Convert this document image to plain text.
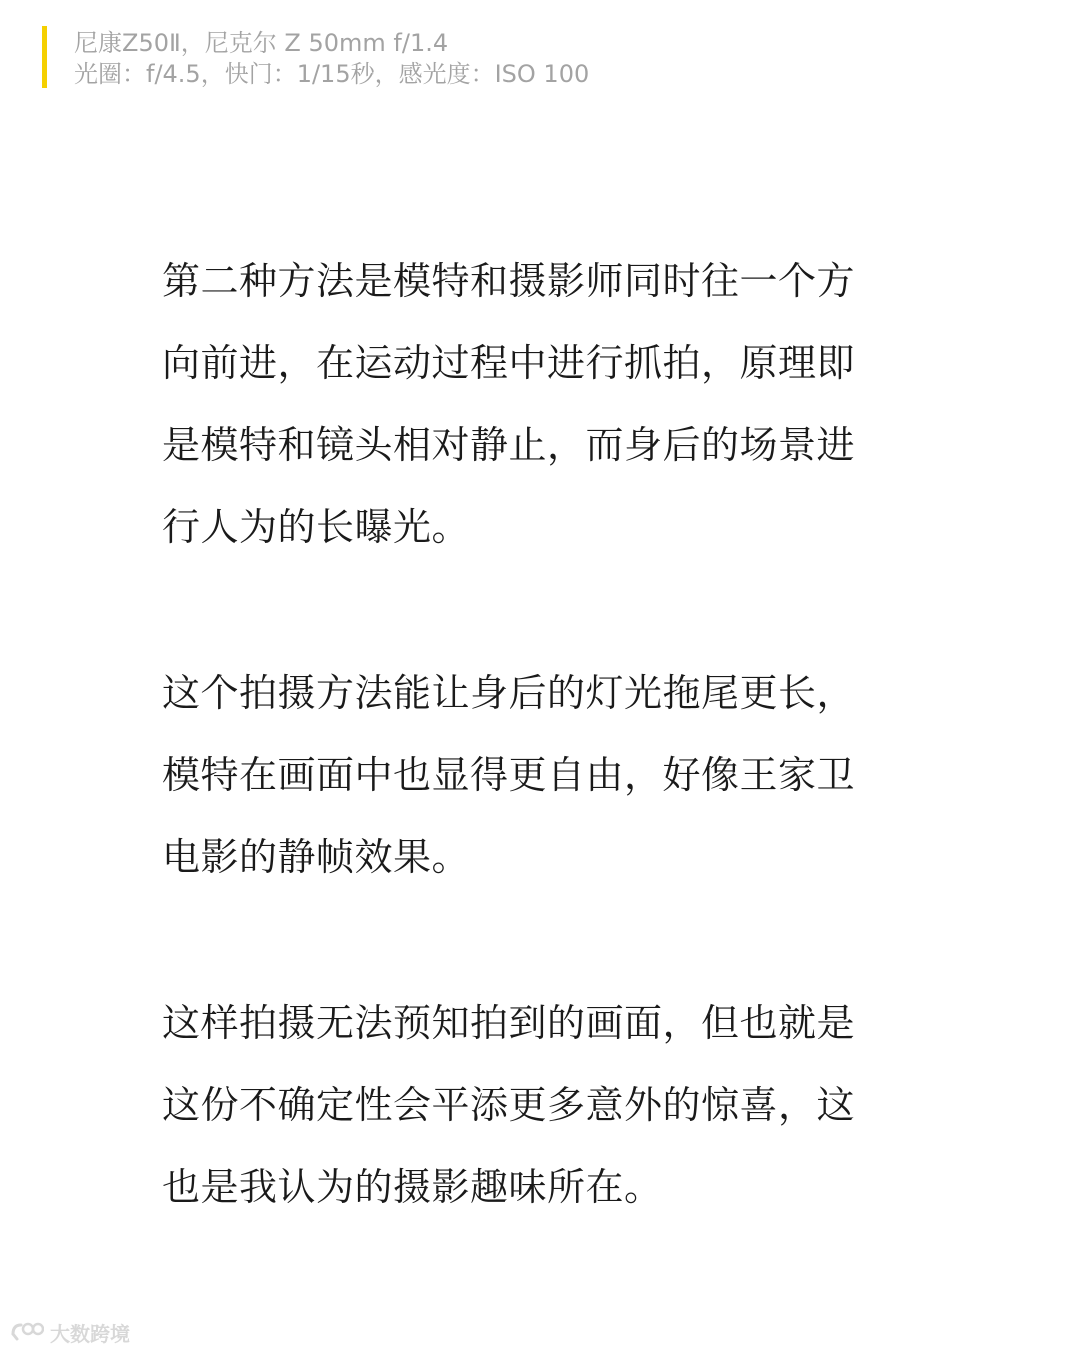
尼康Z50Ⅱ，尼克尔 Z 50mm f/1.4
光圈：f/4.5，快门：1/15秒，感光度：ISO 100

第二种方法是模特和摄影师同时往一个方
向前进，在运动过程中进行抓拍，原理即
是模特和镜头相对静止，而身后的场景进
行人为的长曝光。

这个拍摄方法能让身后的灯光拖尾更长，
模特在画面中也显得更自由，好像王家卫
电影的静帧效果。

这样拍摄无法预知拍到的画面，但也就是
这份不确定性会平添更多意外的惊喜，这
也是我认为的摄影趣味所在。

大数跨境
